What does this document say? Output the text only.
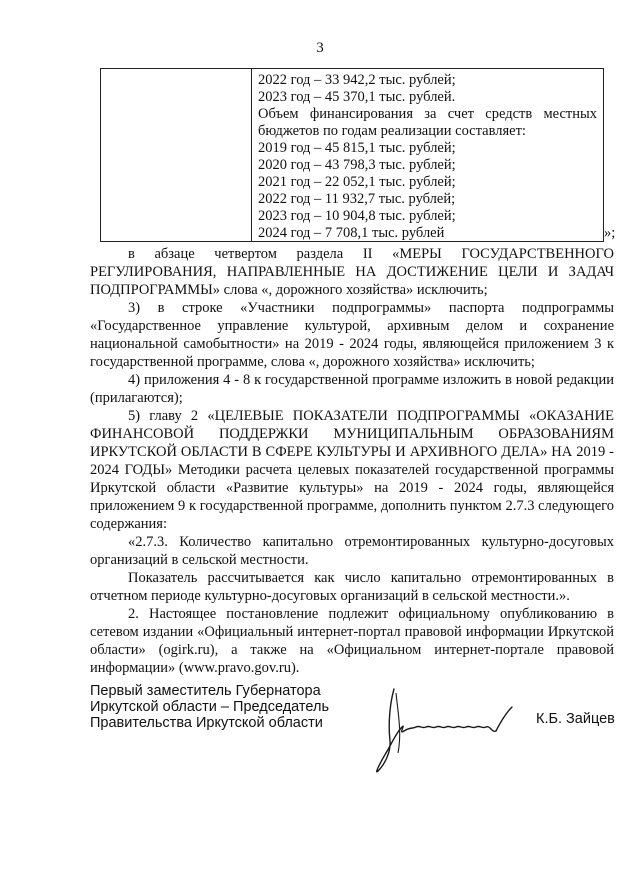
3
2022 год – 33 942,2 тыс. рублей;
2023 год – 45 370,1 тыс. рублей.
Объем финансирования за счет средств местных бюджетов по годам реализации составляет:
2019 год – 45 815,1 тыс. рублей;
2020 год – 43 798,3 тыс. рублей;
2021 год – 22 052,1 тыс. рублей;
2022 год – 11 932,7 тыс. рублей;
2023 год – 10 904,8 тыс. рублей;
2024 год – 7 708,1 тыс. рублей	»;

в абзаце четвертом раздела II «МЕРЫ ГОСУДАРСТВЕННОГО РЕГУЛИРОВАНИЯ, НАПРАВЛЕННЫЕ НА ДОСТИЖЕНИЕ ЦЕЛИ И ЗАДАЧ ПОДПРОГРАММЫ» слова «, дорожного хозяйства» исключить;

3) в строке «Участники подпрограммы» паспорта подпрограммы «Государственное управление культурой, архивным делом и сохранение национальной самобытности» на 2019 - 2024 годы, являющейся приложением 3 к государственной программе, слова «, дорожного хозяйства» исключить;

4) приложения 4 - 8 к государственной программе изложить в новой редакции (прилагаются);

5) главу 2 «ЦЕЛЕВЫЕ ПОКАЗАТЕЛИ ПОДПРОГРАММЫ «ОКАЗАНИЕ ФИНАНСОВОЙ ПОДДЕРЖКИ МУНИЦИПАЛЬНЫМ ОБРАЗОВАНИЯМ ИРКУТСКОЙ ОБЛАСТИ В СФЕРЕ КУЛЬТУРЫ И АРХИВНОГО ДЕЛА» НА 2019 - 2024 ГОДЫ» Методики расчета целевых показателей государственной программы Иркутской области «Развитие культуры» на 2019 - 2024 годы, являющейся приложением 9 к государственной программе, дополнить пунктом 2.7.3 следующего содержания:

«2.7.3. Количество капитально отремонтированных культурно-досуговых организаций в сельской местности.

Показатель рассчитывается как число капитально отремонтированных в отчетном периоде культурно-досуговых организаций в сельской местности.».

2. Настоящее постановление подлежит официальному опубликованию в сетевом издании «Официальный интернет-портал правовой информации Иркутской области» (ogirk.ru), а также на «Официальном интернет-портале правовой информации» (www.pravo.gov.ru).

Первый заместитель Губернатора
Иркутской области – Председатель
Правительства Иркутской области	К.Б. Зайцев
